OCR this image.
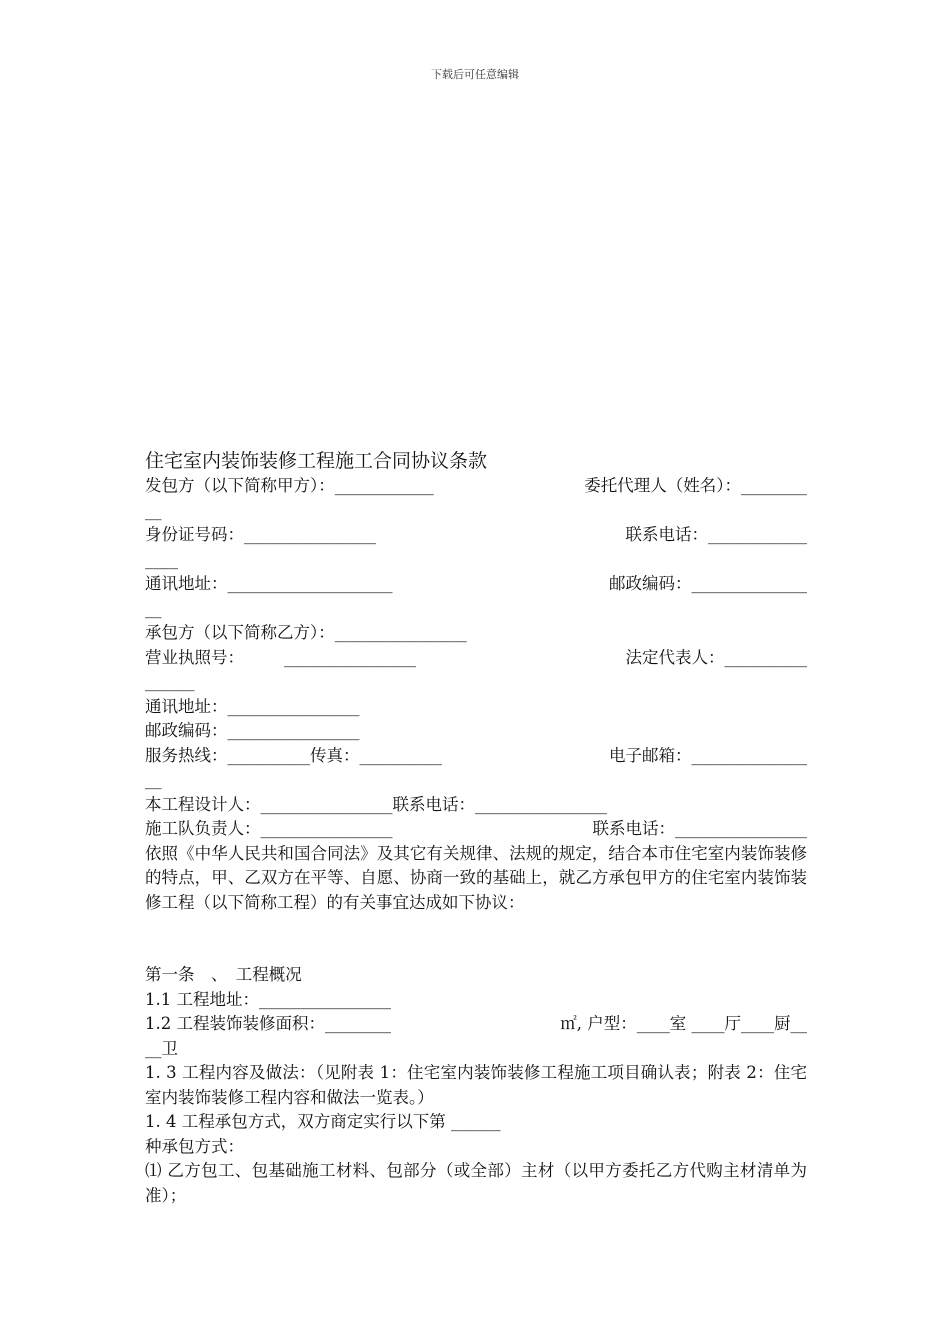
下载后可任意编辑
住宅室内装饰装修工程施工合同协议条款
发包方（以下简称甲方）：____________	委托代理人（姓名）：________
__
身份证号码：________________	联系电话：____________
____
通讯地址：____________________	邮政编码：______________
__
承包方（以下简称乙方）：________________
营业执照号： ________________	法定代表人：__________
______
通讯地址：________________
邮政编码：________________
服务热线：__________传真：__________	电子邮箱：______________
__
本工程设计人：________________联系电话：________________
施工队负责人：________________	联系电话：________________
依照《中华人民共和国合同法》及其它有关规律、法规的规定，结合本市住宅室内装饰装修的特点，甲、乙双方在平等、自愿、协商一致的基础上，就乙方承包甲方的住宅室内装饰装修工程（以下简称工程）的有关事宜达成如下协议：
第一条　、　工程概况
1.1 工程地址：________________
1.2 工程装饰装修面积：________	㎡, 户型：____室 ____厅____厨__
__卫
1. 3 工程内容及做法：（见附表 1：住宅室内装饰装修工程施工项目确认表；附表 2：住宅室内装饰装修工程内容和做法一览表。）
1. 4 工程承包方式，双方商定实行以下第 ______
种承包方式：
⑴ 乙方包工、包基础施工材料、包部分（或全部）主材（以甲方委托乙方代购主材清单为准）；
